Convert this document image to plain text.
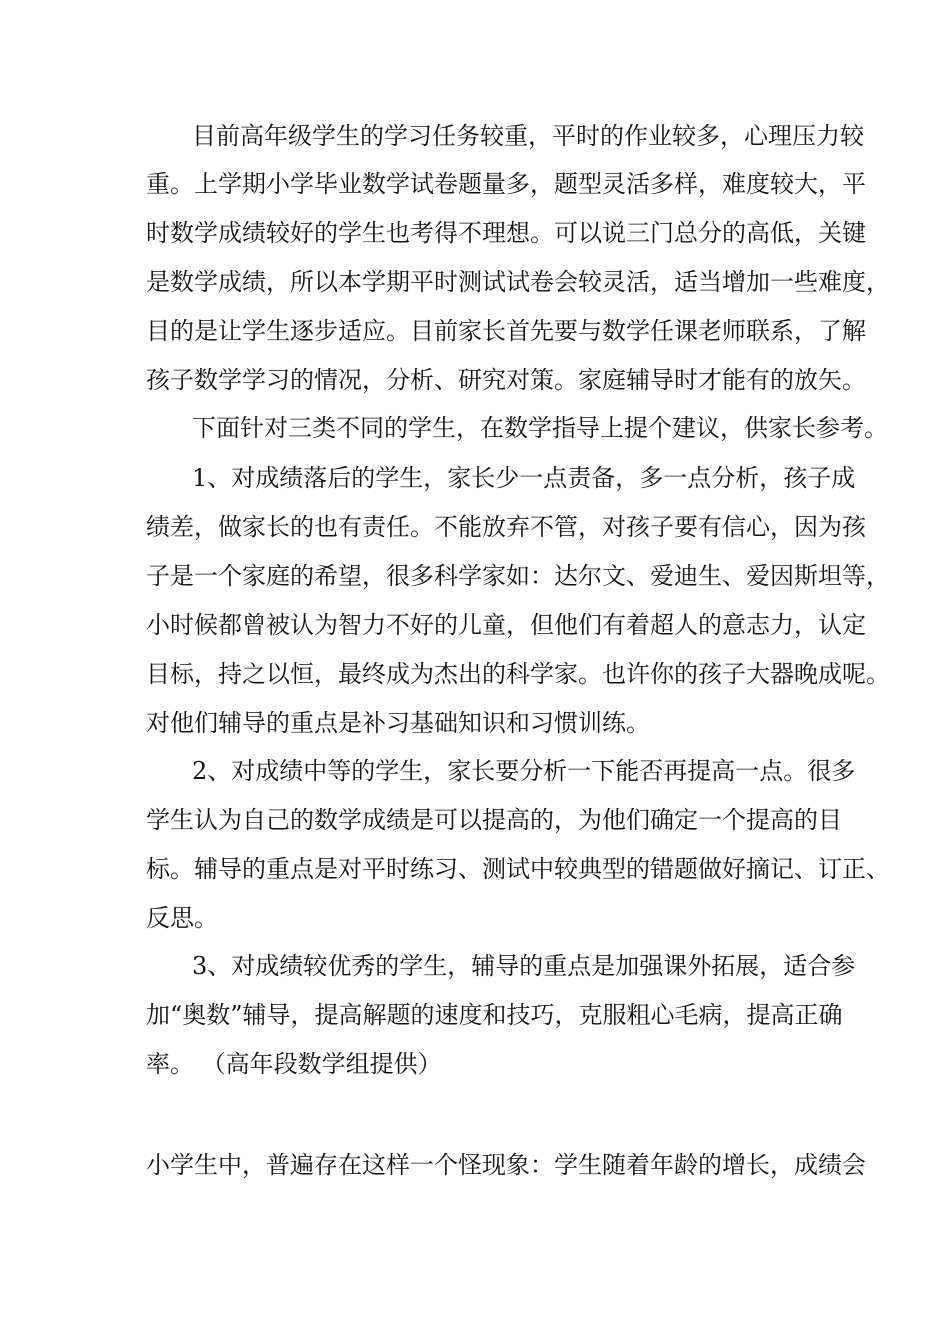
目前高年级学生的学习任务较重，平时的作业较多，心理压力较
重。上学期小学毕业数学试卷题量多，题型灵活多样，难度较大，平
时数学成绩较好的学生也考得不理想。可以说三门总分的高低，关键
是数学成绩，所以本学期平时测试试卷会较灵活，适当增加一些难度，
目的是让学生逐步适应。目前家长首先要与数学任课老师联系，了解
孩子数学学习的情况，分析、研究对策。家庭辅导时才能有的放矢。
下面针对三类不同的学生，在数学指导上提个建议，供家长参考。
1、对成绩落后的学生，家长少一点责备，多一点分析，孩子成
绩差，做家长的也有责任。不能放弃不管，对孩子要有信心，因为孩
子是一个家庭的希望，很多科学家如：达尔文、爱迪生、爱因斯坦等，
小时候都曾被认为智力不好的儿童，但他们有着超人的意志力，认定
目标，持之以恒，最终成为杰出的科学家。也许你的孩子大器晚成呢。
对他们辅导的重点是补习基础知识和习惯训练。
2、对成绩中等的学生，家长要分析一下能否再提高一点。很多
学生认为自己的数学成绩是可以提高的，为他们确定一个提高的目
标。辅导的重点是对平时练习、测试中较典型的错题做好摘记、订正、
反思。
3、对成绩较优秀的学生，辅导的重点是加强课外拓展，适合参
加“奥数”辅导，提高解题的速度和技巧，克服粗心毛病，提高正确
率。 （高年段数学组提供）
小学生中，普遍存在这样一个怪现象：学生随着年龄的增长，成绩会
